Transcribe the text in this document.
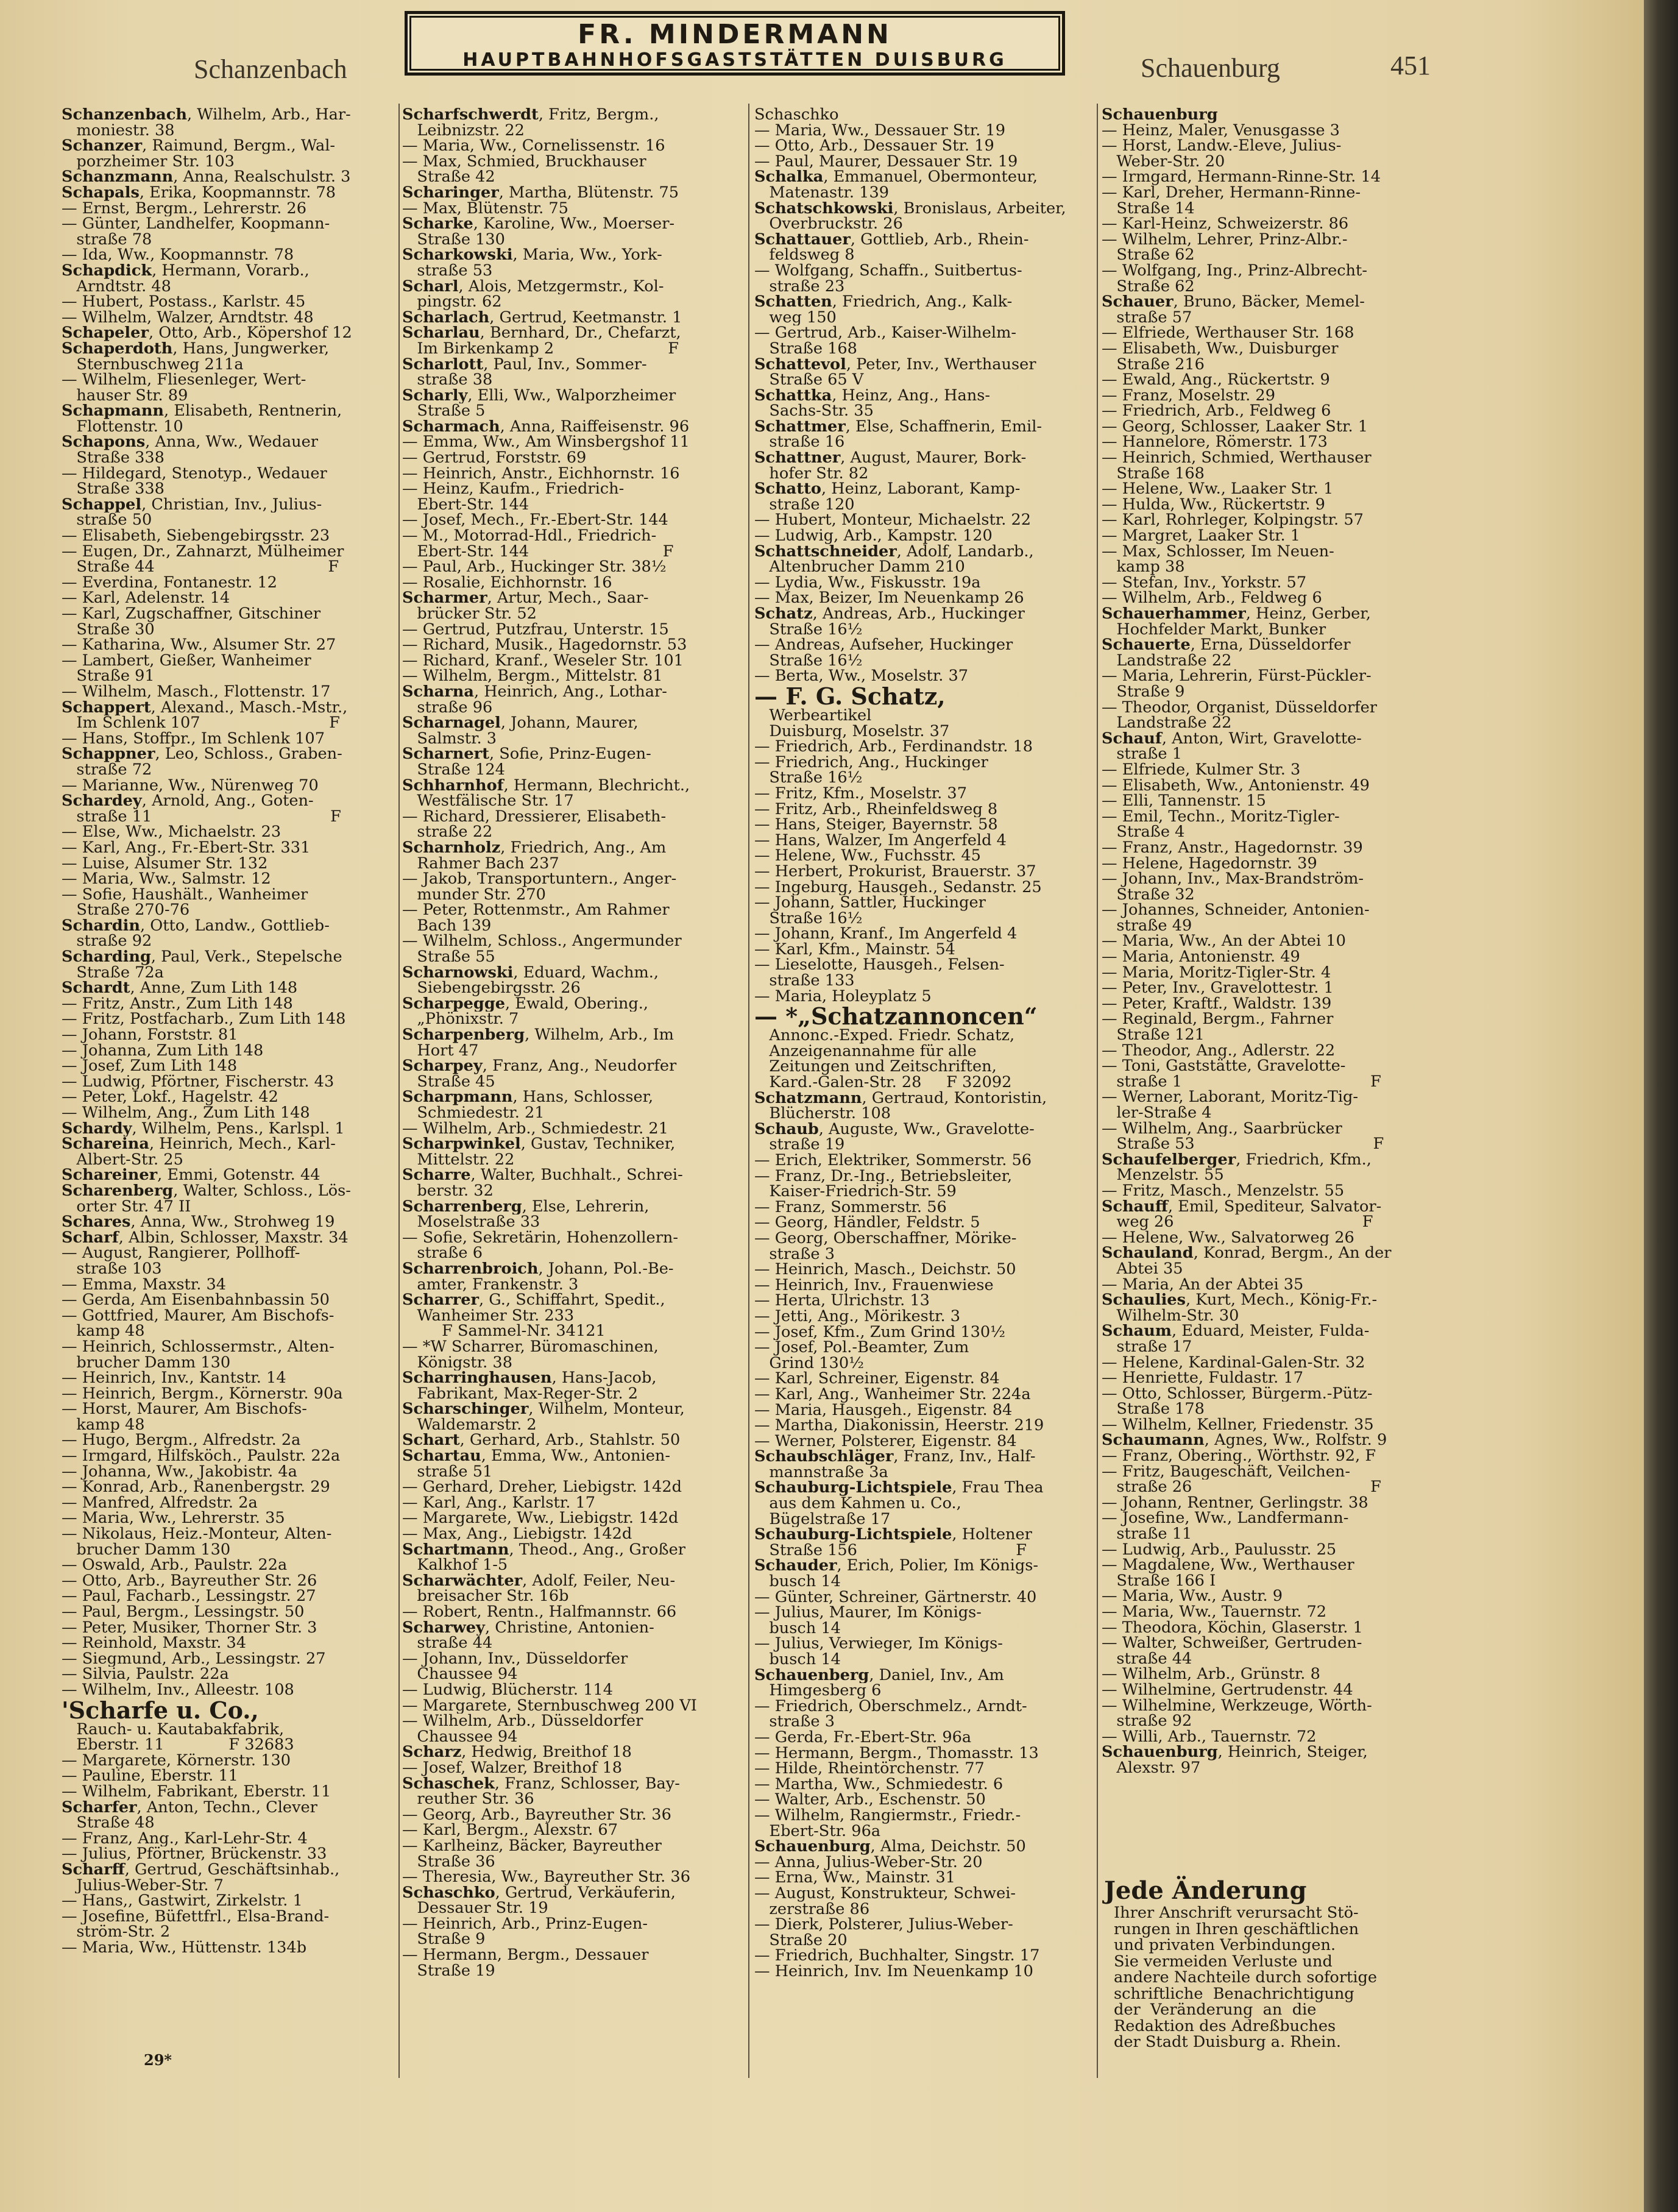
Schanzenbach
FR. MINDERMANN
HAUPTBAHNHOFSGASTSTÄTTEN DUISBURG	Schauenburg	451
Schanzenbach, Wilhelm, Arb., Har-
moniestr. 38
Schanzer, Raimund, Bergm., Wal-
porzheimer Str. 103
Schanzmann, Anna, Realschulstr. 3
Schapals, Erika, Koopmannstr. 78
— Ernst, Bergm., Lehrerstr. 26
— Günter, Landhelfer, Koopmann-
straße 78
— Ida, Ww., Koopmannstr. 78
Schapdick, Hermann, Vorarb.,
Arndtstr. 48
— Hubert, Postass., Karlstr. 45
— Wilhelm, Walzer, Arndtstr. 48
Schapeler, Otto, Arb., Köpershof 12
Schaperdoth, Hans, Jungwerker,
Sternbuschweg 211a
— Wilhelm, Fliesenleger, Wert-
hauser Str. 89
Schapmann, Elisabeth, Rentnerin,
Flottenstr. 10
Schapons, Anna, Ww., Wedauer
Straße 338
— Hildegard, Stenotyp., Wedauer
Straße 338
Schappel, Christian, Inv., Julius-
straße 50
— Elisabeth, Siebengebirgsstr. 23
— Eugen, Dr., Zahnarzt, Mülheimer
Straße 44                                   F
— Everdina, Fontanestr. 12
— Karl, Adelenstr. 14
— Karl, Zugschaffner, Gitschiner
Straße 30
— Katharina, Ww., Alsumer Str. 27
— Lambert, Gießer, Wanheimer
Straße 91
— Wilhelm, Masch., Flottenstr. 17
Schappert, Alexand., Masch.-Mstr.,
Im Schlenk 107                          F
— Hans, Stoffpr., Im Schlenk 107
Schappner, Leo, Schloss., Graben-
straße 72
— Marianne, Ww., Nürenweg 70
Schardey, Arnold, Ang., Goten-
straße 11                                    F
— Else, Ww., Michaelstr. 23
— Karl, Ang., Fr.-Ebert-Str. 331
— Luise, Alsumer Str. 132
— Maria, Ww., Salmstr. 12
— Sofie, Haushält., Wanheimer
Straße 270-76
Schardin, Otto, Landw., Gottlieb-
straße 92
Scharding, Paul, Verk., Stepelsche
Straße 72a
Schardt, Anne, Zum Lith 148
— Fritz, Anstr., Zum Lith 148
— Fritz, Postfacharb., Zum Lith 148
— Johann, Forststr. 81
— Johanna, Zum Lith 148
— Josef, Zum Lith 148
— Ludwig, Pförtner, Fischerstr. 43
— Peter, Lokf., Hagelstr. 42
— Wilhelm, Ang., Zum Lith 148
Schardy, Wilhelm, Pens., Karlspl. 1
Schareina, Heinrich, Mech., Karl-
Albert-Str. 25
Schareiner, Emmi, Gotenstr. 44
Scharenberg, Walter, Schloss., Lös-
orter Str. 47 II
Schares, Anna, Ww., Strohweg 19
Scharf, Albin, Schlosser, Maxstr. 34
— August, Rangierer, Pollhoff-
straße 103
— Emma, Maxstr. 34
— Gerda, Am Eisenbahnbassin 50
— Gottfried, Maurer, Am Bischofs-
kamp 48
— Heinrich, Schlossermstr., Alten-
brucher Damm 130
— Heinrich, Inv., Kantstr. 14
— Heinrich, Bergm., Körnerstr. 90a
— Horst, Maurer, Am Bischofs-
kamp 48
— Hugo, Bergm., Alfredstr. 2a
— Irmgard, Hilfsköch., Paulstr. 22a
— Johanna, Ww., Jakobistr. 4a
— Konrad, Arb., Ranenbergstr. 29
— Manfred, Alfredstr. 2a
— Maria, Ww., Lehrerstr. 35
— Nikolaus, Heiz.-Monteur, Alten-
brucher Damm 130
— Oswald, Arb., Paulstr. 22a
— Otto, Arb., Bayreuther Str. 26
— Paul, Facharb., Lessingstr. 27
— Paul, Bergm., Lessingstr. 50
— Peter, Musiker, Thorner Str. 3
— Reinhold, Maxstr. 34
— Siegmund, Arb., Lessingstr. 27
— Silvia, Paulstr. 22a
— Wilhelm, Inv., Alleestr. 108
'Scharfe u. Co.,
Rauch- u. Kautabakfabrik,
Eberstr. 11             F 32683
— Margarete, Körnerstr. 130
— Pauline, Eberstr. 11
— Wilhelm, Fabrikant, Eberstr. 11
Scharfer, Anton, Techn., Clever
Straße 48
— Franz, Ang., Karl-Lehr-Str. 4
— Julius, Pförtner, Brückenstr. 33
Scharff, Gertrud, Geschäftsinhab.,
Julius-Weber-Str. 7
— Hans,, Gastwirt, Zirkelstr. 1
— Josefine, Büfettfrl., Elsa-Brand-
ström-Str. 2
— Maria, Ww., Hüttenstr. 134b
Scharfschwerdt, Fritz, Bergm.,
Leibnizstr. 22
— Maria, Ww., Cornelissenstr. 16
— Max, Schmied, Bruckhauser
Straße 42
Scharinger, Martha, Blütenstr. 75
— Max, Blütenstr. 75
Scharke, Karoline, Ww., Moerser-
Straße 130
Scharkowski, Maria, Ww., York-
straße 53
Scharl, Alois, Metzgermstr., Kol-
pingstr. 62
Scharlach, Gertrud, Keetmanstr. 1
Scharlau, Bernhard, Dr., Chefarzt,
Im Birkenkamp 2                       F
Scharlott, Paul, Inv., Sommer-
straße 38
Scharly, Elli, Ww., Walporzheimer
Straße 5
Scharmach, Anna, Raiffeisenstr. 96
— Emma, Ww., Am Winsbergshof 11
— Gertrud, Forststr. 69
— Heinrich, Anstr., Eichhornstr. 16
— Heinz, Kaufm., Friedrich-
Ebert-Str. 144
— Josef, Mech., Fr.-Ebert-Str. 144
— M., Motorrad-Hdl., Friedrich-
Ebert-Str. 144                           F
— Paul, Arb., Huckinger Str. 38½
— Rosalie, Eichhornstr. 16
Scharmer, Artur, Mech., Saar-
brücker Str. 52
— Gertrud, Putzfrau, Unterstr. 15
— Richard, Musik., Hagedornstr. 53
— Richard, Kranf., Weseler Str. 101
— Wilhelm, Bergm., Mittelstr. 81
Scharna, Heinrich, Ang., Lothar-
straße 96
Scharnagel, Johann, Maurer,
Salmstr. 3
Scharnert, Sofie, Prinz-Eugen-
Straße 124
Schharnhof, Hermann, Blechricht.,
Westfälische Str. 17
— Richard, Dressierer, Elisabeth-
straße 22
Scharnholz, Friedrich, Ang., Am
Rahmer Bach 237
— Jakob, Transportuntern., Anger-
munder Str. 270
— Peter, Rottenmstr., Am Rahmer
Bach 139
— Wilhelm, Schloss., Angermunder
Straße 55
Scharnowski, Eduard, Wachm.,
Siebengebirgsstr. 26
Scharpegge, Ewald, Obering.,
„Phönixstr. 7
Scharpenberg, Wilhelm, Arb., Im
Hort 47
Scharpey, Franz, Ang., Neudorfer
Straße 45
Scharpmann, Hans, Schlosser,
Schmiedestr. 21
— Wilhelm, Arb., Schmiedestr. 21
Scharpwinkel, Gustav, Techniker,
Mittelstr. 22
Scharre, Walter, Buchhalt., Schrei-
berstr. 32
Scharrenberg, Else, Lehrerin,
Moselstraße 33
— Sofie, Sekretärin, Hohenzollern-
straße 6
Scharrenbroich, Johann, Pol.-Be-
amter, Frankenstr. 3
Scharrer, G., Schiffahrt, Spedit.,
Wanheimer Str. 233
F Sammel-Nr. 34121
— *W Scharrer, Büromaschinen,
Königstr. 38
Scharringhausen, Hans-Jacob,
Fabrikant, Max-Reger-Str. 2
Scharschinger, Wilhelm, Monteur,
Waldemarstr. 2
Schart, Gerhard, Arb., Stahlstr. 50
Schartau, Emma, Ww., Antonien-
straße 51
— Gerhard, Dreher, Liebigstr. 142d
— Karl, Ang., Karlstr. 17
— Margarete, Ww., Liebigstr. 142d
— Max, Ang., Liebigstr. 142d
Schartmann, Theod., Ang., Großer
Kalkhof 1-5
Scharwächter, Adolf, Feiler, Neu-
breisacher Str. 16b
— Robert, Rentn., Halfmannstr. 66
Scharwey, Christine, Antonien-
straße 44
— Johann, Inv., Düsseldorfer
Chaussee 94
— Ludwig, Blücherstr. 114
— Margarete, Sternbuschweg 200 VI
— Wilhelm, Arb., Düsseldorfer
Chaussee 94
Scharz, Hedwig, Breithof 18
— Josef, Walzer, Breithof 18
Schaschek, Franz, Schlosser, Bay-
reuther Str. 36
— Georg, Arb., Bayreuther Str. 36
— Karl, Bergm., Alexstr. 67
— Karlheinz, Bäcker, Bayreuther
Straße 36
— Theresia, Ww., Bayreuther Str. 36
Schaschko, Gertrud, Verkäuferin,
Dessauer Str. 19
— Heinrich, Arb., Prinz-Eugen-
Straße 9
— Hermann, Bergm., Dessauer
Straße 19
Schaschko
— Maria, Ww., Dessauer Str. 19
— Otto, Arb., Dessauer Str. 19
— Paul, Maurer, Dessauer Str. 19
Schalka, Emmanuel, Obermonteur,
Matenastr. 139
Schatschkowski, Bronislaus, Arbeiter,
Overbruckstr. 26
Schattauer, Gottlieb, Arb., Rhein-
feldsweg 8
— Wolfgang, Schaffn., Suitbertus-
straße 23
Schatten, Friedrich, Ang., Kalk-
weg 150
— Gertrud, Arb., Kaiser-Wilhelm-
Straße 168
Schattevol, Peter, Inv., Werthauser
Straße 65 V
Schattka, Heinz, Ang., Hans-
Sachs-Str. 35
Schattmer, Else, Schaffnerin, Emil-
straße 16
Schattner, August, Maurer, Bork-
hofer Str. 82
Schatto, Heinz, Laborant, Kamp-
straße 120
— Hubert, Monteur, Michaelstr. 22
— Ludwig, Arb., Kampstr. 120
Schattschneider, Adolf, Landarb.,
Altenbrucher Damm 210
— Lydia, Ww., Fiskusstr. 19a
— Max, Beizer, Im Neuenkamp 26
Schatz, Andreas, Arb., Huckinger
Straße 16½
— Andreas, Aufseher, Huckinger
Straße 16½
— Berta, Ww., Moselstr. 37
— F. G. Schatz,
Werbeartikel
Duisburg, Moselstr. 37
— Friedrich, Arb., Ferdinandstr. 18
— Friedrich, Ang., Huckinger
Straße 16½
— Fritz, Kfm., Moselstr. 37
— Fritz, Arb., Rheinfeldsweg 8
— Hans, Steiger, Bayernstr. 58
— Hans, Walzer, Im Angerfeld 4
— Helene, Ww., Fuchsstr. 45
— Herbert, Prokurist, Brauerstr. 37
— Ingeburg, Hausgeh., Sedanstr. 25
— Johann, Sattler, Huckinger
Straße 16½
— Johann, Kranf., Im Angerfeld 4
— Karl, Kfm., Mainstr. 54
— Lieselotte, Hausgeh., Felsen-
straße 133
— Maria, Holeyplatz 5
— *„Schatzannoncen“
Annonc.-Exped. Friedr. Schatz,
Anzeigenannahme für alle
Zeitungen und Zeitschriften,
Kard.-Galen-Str. 28     F 32092
Schatzmann, Gertraud, Kontoristin,
Blücherstr. 108
Schaub, Auguste, Ww., Gravelotte-
straße 19
— Erich, Elektriker, Sommerstr. 56
— Franz, Dr.-Ing., Betriebsleiter,
Kaiser-Friedrich-Str. 59
— Franz, Sommerstr. 56
— Georg, Händler, Feldstr. 5
— Georg, Oberschaffner, Mörike-
straße 3
— Heinrich, Masch., Deichstr. 50
— Heinrich, Inv., Frauenwiese
— Herta, Ulrichstr. 13
— Jetti, Ang., Mörikestr. 3
— Josef, Kfm., Zum Grind 130½
— Josef, Pol.-Beamter, Zum
Grind 130½
— Karl, Schreiner, Eigenstr. 84
— Karl, Ang., Wanheimer Str. 224a
— Maria, Hausgeh., Eigenstr. 84
— Martha, Diakonissin, Heerstr. 219
— Werner, Polsterer, Eigenstr. 84
Schaubschläger, Franz, Inv., Half-
mannstraße 3a
Schauburg-Lichtspiele, Frau Thea
aus dem Kahmen u. Co.,
Bügelstraße 17
Schauburg-Lichtspiele, Holtener
Straße 156                                F
Schauder, Erich, Polier, Im Königs-
busch 14
— Günter, Schreiner, Gärtnerstr. 40
— Julius, Maurer, Im Königs-
busch 14
— Julius, Verwieger, Im Königs-
busch 14
Schauenberg, Daniel, Inv., Am
Himgesberg 6
— Friedrich, Oberschmelz., Arndt-
straße 3
— Gerda, Fr.-Ebert-Str. 96a
— Hermann, Bergm., Thomasstr. 13
— Hilde, Rheintörchenstr. 77
— Martha, Ww., Schmiedestr. 6
— Walter, Arb., Eschenstr. 50
— Wilhelm, Rangiermstr., Friedr.-
Ebert-Str. 96a
Schauenburg, Alma, Deichstr. 50
— Anna, Julius-Weber-Str. 20
— Erna, Ww., Mainstr. 31
— August, Konstrukteur, Schwei-
zerstraße 86
— Dierk, Polsterer, Julius-Weber-
Straße 20
— Friedrich, Buchhalter, Singstr. 17
— Heinrich, Inv. Im Neuenkamp 10
Schauenburg
— Heinz, Maler, Venusgasse 3
— Horst, Landw.-Eleve, Julius-
Weber-Str. 20
— Irmgard, Hermann-Rinne-Str. 14
— Karl, Dreher, Hermann-Rinne-
Straße 14
— Karl-Heinz, Schweizerstr. 86
— Wilhelm, Lehrer, Prinz-Albr.-
Straße 62
— Wolfgang, Ing., Prinz-Albrecht-
Straße 62
Schauer, Bruno, Bäcker, Memel-
straße 57
— Elfriede, Werthauser Str. 168
— Elisabeth, Ww., Duisburger
Straße 216
— Ewald, Ang., Rückertstr. 9
— Franz, Moselstr. 29
— Friedrich, Arb., Feldweg 6
— Georg, Schlosser, Laaker Str. 1
— Hannelore, Römerstr. 173
— Heinrich, Schmied, Werthauser
Straße 168
— Helene, Ww., Laaker Str. 1
— Hulda, Ww., Rückertstr. 9
— Karl, Rohrleger, Kolpingstr. 57
— Margret, Laaker Str. 1
— Max, Schlosser, Im Neuen-
kamp 38
— Stefan, Inv., Yorkstr. 57
— Wilhelm, Arb., Feldweg 6
Schauerhammer, Heinz, Gerber,
Hochfelder Markt, Bunker
Schauerte, Erna, Düsseldorfer
Landstraße 22
— Maria, Lehrerin, Fürst-Pückler-
Straße 9
— Theodor, Organist, Düsseldorfer
Landstraße 22
Schauf, Anton, Wirt, Gravelotte-
straße 1
— Elfriede, Kulmer Str. 3
— Elisabeth, Ww., Antonienstr. 49
— Elli, Tannenstr. 15
— Emil, Techn., Moritz-Tigler-
Straße 4
— Franz, Anstr., Hagedornstr. 39
— Helene, Hagedornstr. 39
— Johann, Inv., Max-Brandström-
Straße 32
— Johannes, Schneider, Antonien-
straße 49
— Maria, Ww., An der Abtei 10
— Maria, Antonienstr. 49
— Maria, Moritz-Tigler-Str. 4
— Peter, Inv., Gravelottestr. 1
— Peter, Kraftf., Waldstr. 139
— Reginald, Bergm., Fahrner
Straße 121
— Theodor, Ang., Adlerstr. 22
— Toni, Gaststätte, Gravelotte-
straße 1                                      F
— Werner, Laborant, Moritz-Tig-
ler-Straße 4
— Wilhelm, Ang., Saarbrücker
Straße 53                                    F
Schaufelberger, Friedrich, Kfm.,
Menzelstr. 55
— Fritz, Masch., Menzelstr. 55
Schauff, Emil, Spediteur, Salvator-
weg 26                                      F
— Helene, Ww., Salvatorweg 26
Schauland, Konrad, Bergm., An der
Abtei 35
— Maria, An der Abtei 35
Schaulies, Kurt, Mech., König-Fr.-
Wilhelm-Str. 30
Schaum, Eduard, Meister, Fulda-
straße 17
— Helene, Kardinal-Galen-Str. 32
— Henriette, Fuldastr. 17
— Otto, Schlosser, Bürgerm.-Pütz-
Straße 178
— Wilhelm, Kellner, Friedenstr. 35
Schaumann, Agnes, Ww., Rolfstr. 9
— Franz, Obering., Wörthstr. 92, F
— Fritz, Baugeschäft, Veilchen-
straße 26                                    F
— Johann, Rentner, Gerlingstr. 38
— Josefine, Ww., Landfermann-
straße 11
— Ludwig, Arb., Paulusstr. 25
— Magdalene, Ww., Werthauser
Straße 166 I
— Maria, Ww., Austr. 9
— Maria, Ww., Tauernstr. 72
— Theodora, Köchin, Glaserstr. 1
— Walter, Schweißer, Gertruden-
straße 44
— Wilhelm, Arb., Grünstr. 8
— Wilhelmine, Gertrudenstr. 44
— Wilhelmine, Werkzeuge, Wörth-
straße 92
— Willi, Arb., Tauernstr. 72
Schauenburg, Heinrich, Steiger,
Alexstr. 97
Jede Änderung
Ihrer Anschrift verursacht Stö-
rungen in Ihren geschäftlichen
und privaten Verbindungen.
Sie vermeiden Verluste und
andere Nachteile durch sofortige
schriftliche  Benachrichtigung
der  Veränderung  an  die
Redaktion des Adreßbuches
der Stadt Duisburg a. Rhein.
29*
